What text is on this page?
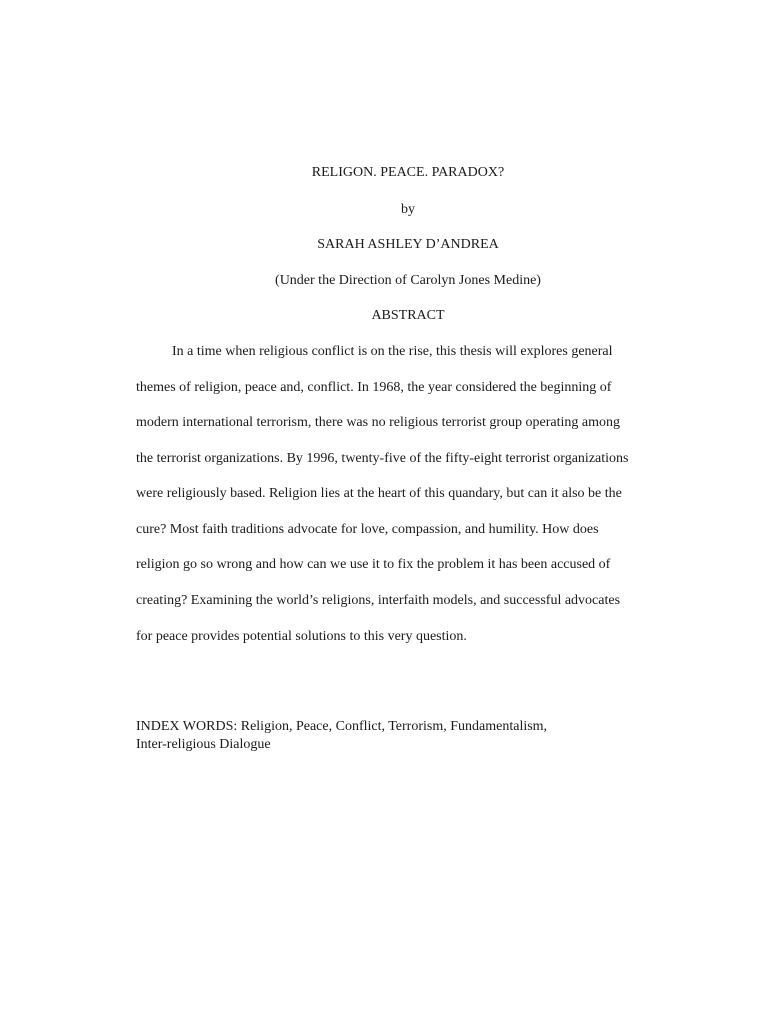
RELIGON. PEACE. PARADOX?
by
SARAH ASHLEY D’ANDREA
(Under the Direction of Carolyn Jones Medine)
ABSTRACT
In a time when religious conflict is on the rise, this thesis will explores general
themes of religion, peace and, conflict. In 1968, the year considered the beginning of
modern international terrorism, there was no religious terrorist group operating among
the terrorist organizations. By 1996, twenty-five of the fifty-eight terrorist organizations
were religiously based. Religion lies at the heart of this quandary, but can it also be the
cure? Most faith traditions advocate for love, compassion, and humility. How does
religion go so wrong and how can we use it to fix the problem it has been accused of
creating? Examining the world’s religions, interfaith models, and successful advocates
for peace provides potential solutions to this very question.
INDEX WORDS: Religion, Peace, Conflict, Terrorism, Fundamentalism,
Inter-religious Dialogue
